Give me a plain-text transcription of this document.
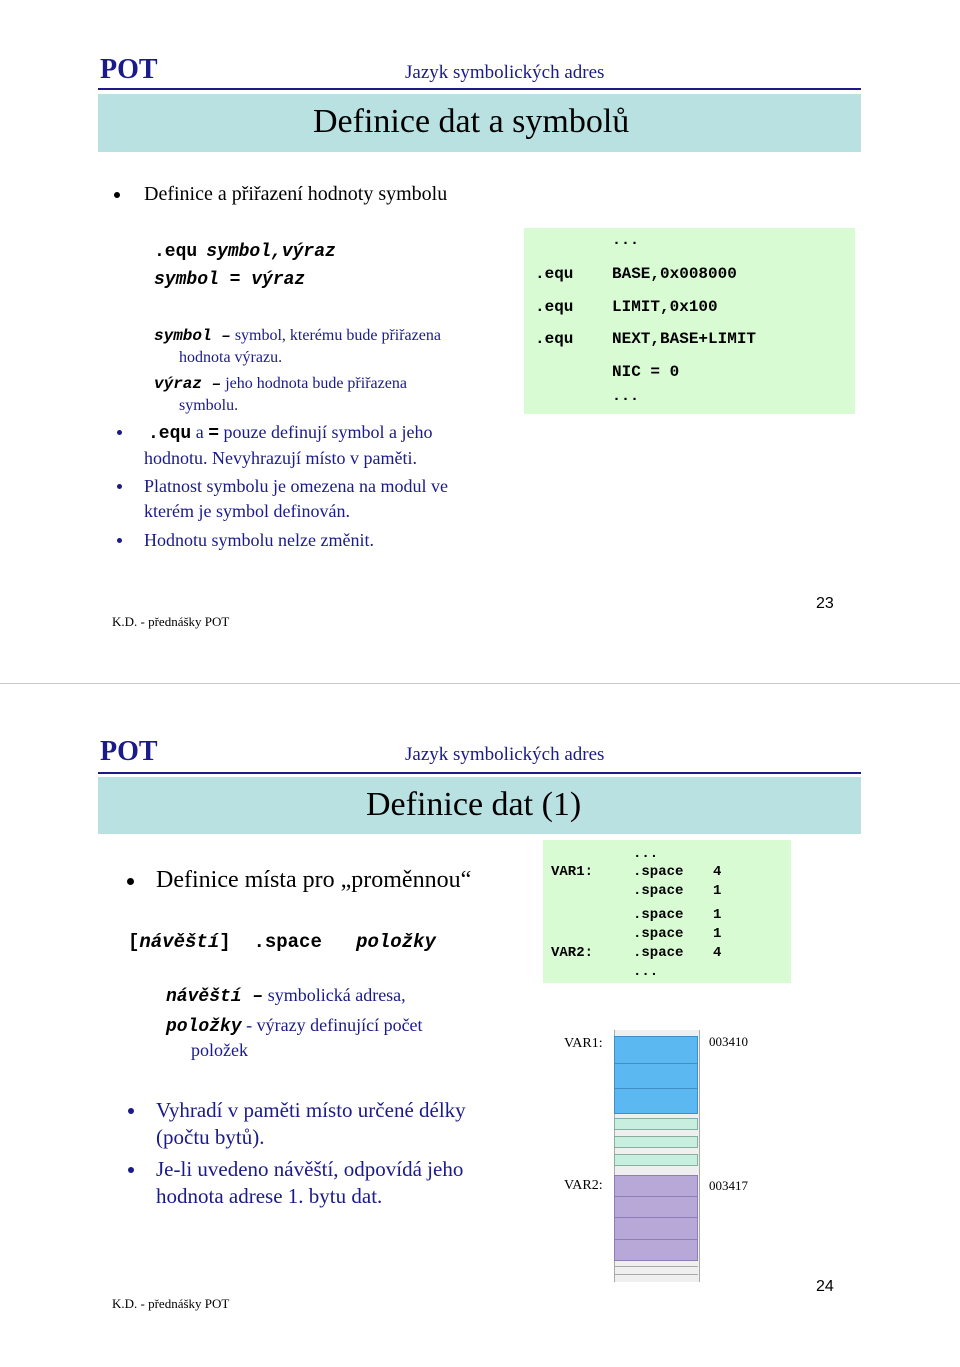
POT	Jazyk symbolických adres
Definice dat a symbolů
Definice a přiřazení hodnoty symbolu
.equ symbol,výraz
symbol = výraz
symbol – symbol, kterému bude přiřazena
hodnota výrazu.
výraz – jeho hodnota bude přiřazena
symbolu.
.equ a = pouze definují symbol a jeho
hodnotu. Nevyhrazují místo v paměti.
Platnost symbolu je omezena na modul ve
kterém je symbol definován.
Hodnotu symbolu nelze změnit.
...
.equ BASE,0x008000
.equ LIMIT,0x100
.equ NEXT,BASE+LIMIT
NIC = 0
...
K.D. - přednášky POT
23
POT	Jazyk symbolických adres
Definice dat (1)
Definice místa pro „proměnnou“
[návěští] .space položky
návěští – symbolická adresa,
položky - výrazy definující počet
položek
Vyhradí v paměti místo určené délky
(počtu bytů).
Je-li uvedeno návěští, odpovídá jeho
hodnota adrese 1. bytu dat.
...
VAR1:	.space 4
.space 1
.space 1
.space 1
VAR2:	.space 4
...
VAR1:	003410
VAR2:	003417
K.D. - přednášky POT
24
